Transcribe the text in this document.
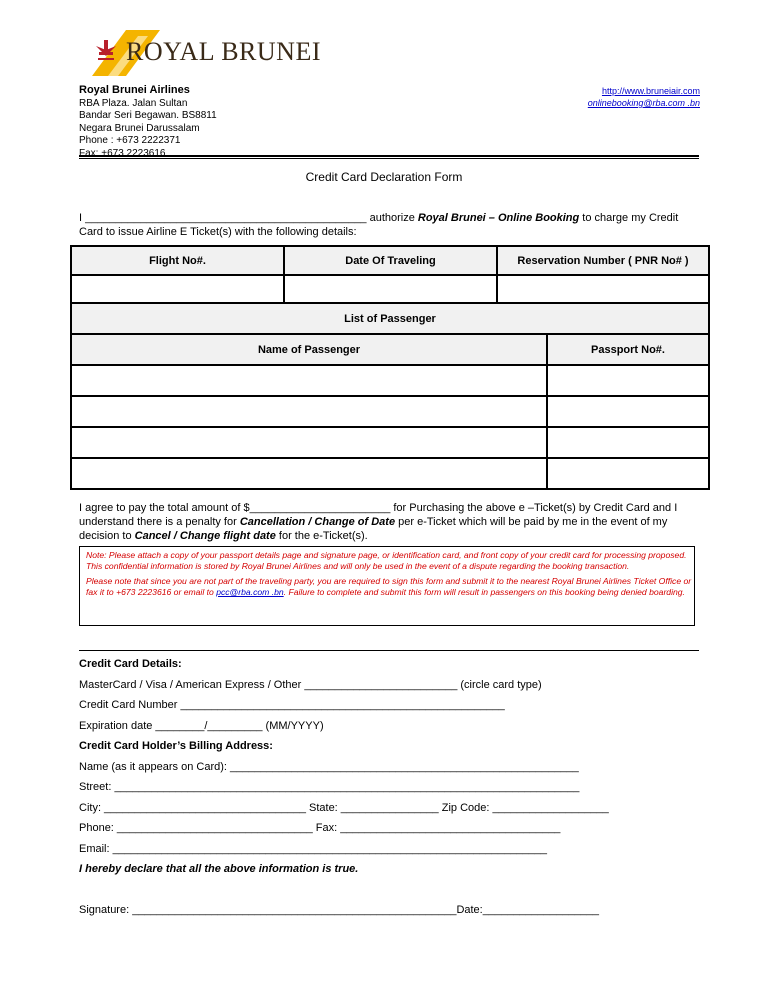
ROYAL BRUNEI
Royal Brunei Airlines
RBA Plaza. Jalan Sultan
Bandar Seri Begawan. BS8811
Negara Brunei Darussalam
Phone : +673 2222371
Fax: +673 2223616
http://www.bruneiair.com
onlinebooking@rba.com .bn
Credit Card Declaration Form
I ______________________________________________ authorize Royal Brunei – Online Booking to charge my Credit
Card to issue Airline E Ticket(s) with the following details:
Flight No#.	Date Of Traveling	Reservation Number ( PNR No# )

List of Passenger	
Name of Passenger	Passport No#.

I agree to pay the total amount of $_______________________ for Purchasing the above e –Ticket(s) by Credit Card and I
understand there is a penalty for Cancellation / Change of Date per e-Ticket which will be paid by me in the event of my
decision to Cancel / Change flight date for the e-Ticket(s).

Note: Please attach a copy of your passport details page and signature page, or identification card, and front copy of your credit card for processing proposed. This confidential information is stored by Royal Brunei Airlines and will only be used in the event of a dispute regarding the booking transaction.

Please note that since you are not part of the traveling party, you are required to sign this form and submit it to the nearest Royal Brunei Airlines Ticket Office or fax it to +673 2223616 or email to pcc@rba.com .bn. Failure to complete and submit this form will result in passengers on this booking being denied boarding.

Credit Card Details:
MasterCard / Visa / American Express / Other _________________________ (circle card type)
Credit Card Number _____________________________________________________
Expiration date ________/_________ (MM/YYYY)
Credit Card Holder’s Billing Address:
Name (as it appears on Card): _________________________________________________________
Street: ____________________________________________________________________________
City: _________________________________ State: ________________ Zip Code: ___________________
Phone: ________________________________ Fax: ____________________________________
Email: _______________________________________________________________________
I hereby declare that all the above information is true.
Signature: _____________________________________________________Date:___________________
